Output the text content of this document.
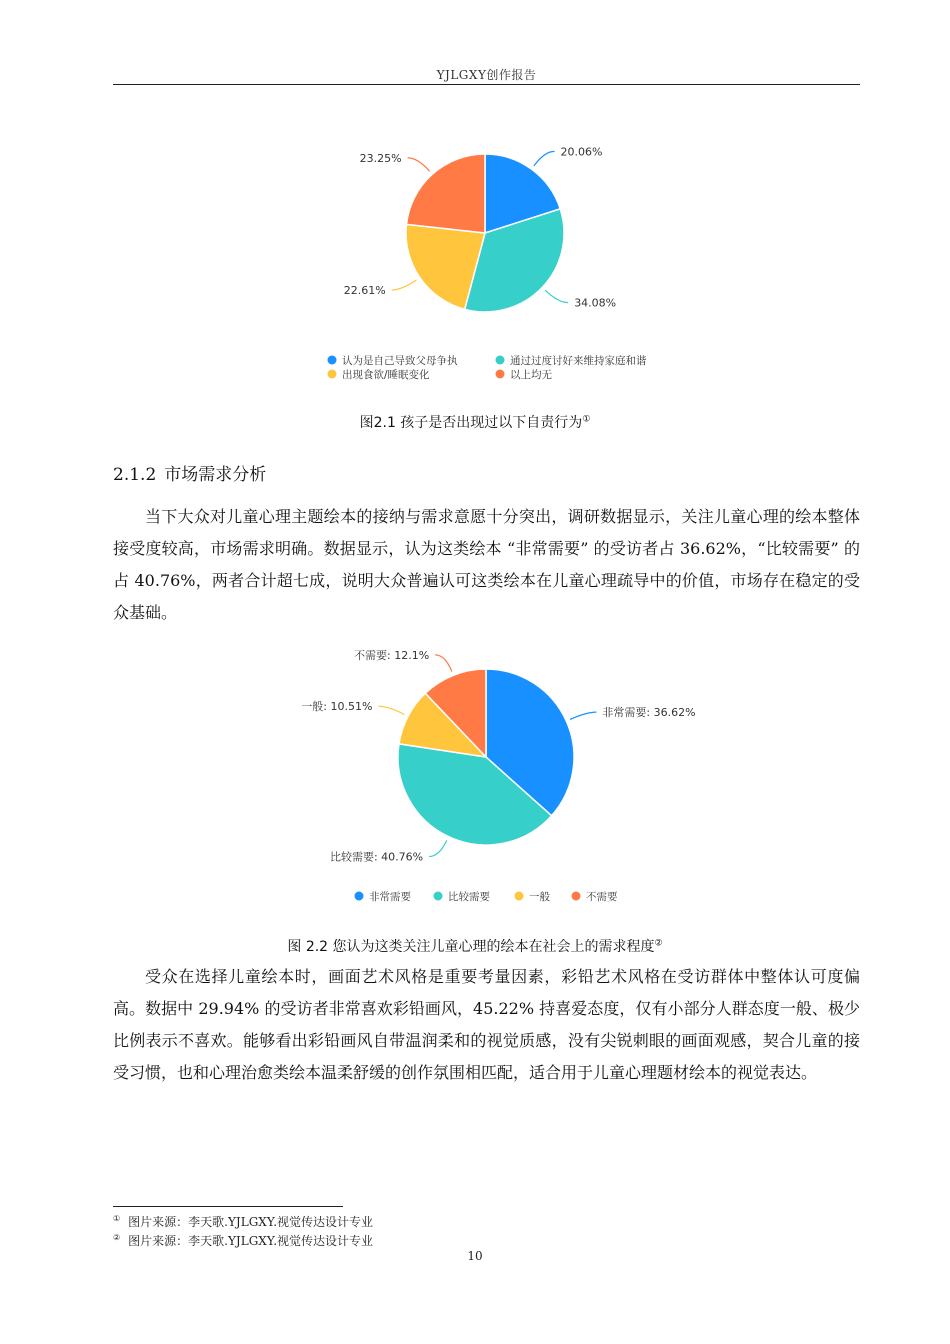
YJLGXY创作报告
20.06%
34.08%
22.61%
23.25%
认为是自己导致父母争执	通过过度讨好来维持家庭和谐
出现食欲/睡眠变化	以上均无
图2.1 孩子是否出现过以下自责行为①
2.1.2 市场需求分析
当下大众对儿童心理主题绘本的接纳与需求意愿十分突出，调研数据显示，关注儿童心理的绘本整体接受度较高，市场需求明确。数据显示，认为这类绘本 “非常需要” 的受访者占 36.62%，“比较需要” 的占 40.76%，两者合计超七成，说明大众普遍认可这类绘本在儿童心理疏导中的价值，市场存在稳定的受众基础。
非常需要: 36.62%
比较需要: 40.76%
一般: 10.51%
不需要: 12.1%
非常需要	比较需要	一般	不需要
图 2.2 您认为这类关注儿童心理的绘本在社会上的需求程度②
受众在选择儿童绘本时，画面艺术风格是重要考量因素，彩铅艺术风格在受访群体中整体认可度偏高。数据中 29.94% 的受访者非常喜欢彩铅画风，45.22% 持喜爱态度，仅有小部分人群态度一般、极少比例表示不喜欢。能够看出彩铅画风自带温润柔和的视觉质感，没有尖锐刺眼的画面观感，契合儿童的接受习惯，也和心理治愈类绘本温柔舒缓的创作氛围相匹配，适合用于儿童心理题材绘本的视觉表达。
① 图片来源：李天歌.YJLGXY.视觉传达设计专业
② 图片来源：李天歌.YJLGXY.视觉传达设计专业
10
